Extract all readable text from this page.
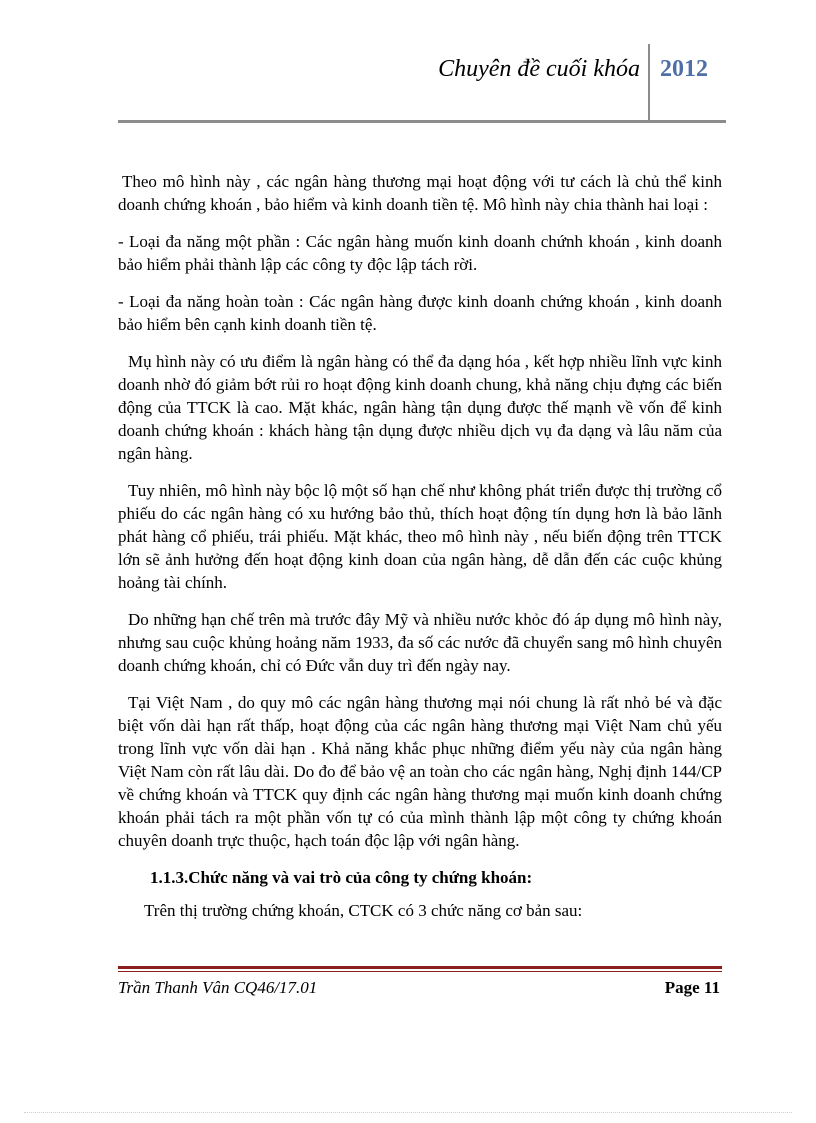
Chuyên đề cuối khóa 2012

Theo mô hình này , các ngân hàng thương mại hoạt động với tư cách là chủ thể kinh doanh chứng khoán , bảo hiểm và kinh doanh tiền tệ. Mô hình này chia thành hai loại :

- Loại đa năng một phần : Các ngân hàng muốn kinh doanh chứnh khoán , kinh doanh bảo hiểm phải thành lập các công ty độc lập tách rời.

- Loại đa năng hoàn toàn : Các ngân hàng được kinh doanh chứng khoán , kinh doanh bảo hiểm bên cạnh kinh doanh tiền tệ.

Mụ hình này có ưu điểm là ngân hàng có thể đa dạng hóa , kết hợp nhiều lĩnh vực kinh doanh nhờ đó giảm bớt rủi ro hoạt động kinh doanh chung, khả năng chịu đựng các biến động của TTCK là cao. Mặt khác, ngân hàng tận dụng được thế mạnh về vốn để kinh doanh chứng khoán : khách hàng tận dụng được nhiều dịch vụ đa dạng và lâu năm của ngân hàng.

Tuy nhiên, mô hình này bộc lộ một số hạn chế như không phát triển được thị trường cổ phiếu do các ngân hàng có xu hướng bảo thủ, thích hoạt động tín dụng hơn là bảo lãnh phát hàng cổ phiếu, trái phiếu. Mặt khác, theo mô hình này , nếu biến động trên TTCK lớn sẽ ảnh hưởng đến hoạt động kinh doan của ngân hàng, dễ dẫn đến các cuộc khủng hoảng tài chính.

Do những hạn chế trên mà trước đây Mỹ và nhiều nước khỏc đó áp dụng mô hình này, nhưng sau cuộc khủng hoảng năm 1933, đa số các nước đã chuyển sang mô hình chuyên doanh chứng khoán, chỉ có Đức vẫn duy trì đến ngày nay.

Tại Việt Nam , do quy mô các ngân hàng thương mại nói chung là rất nhỏ bé và đặc biệt vốn dài hạn rất thấp, hoạt động của các ngân hàng thương mại Việt Nam chủ yếu trong lĩnh vực vốn dài hạn . Khả năng khắc phục những điểm yếu này của ngân hàng Việt Nam còn rất lâu dài. Do đo để bảo vệ an toàn cho các ngân hàng, Nghị định 144/CP về chứng khoán và TTCK quy định các ngân hàng thương mại muốn kinh doanh chứng khoán phải tách ra một phần vốn tự có của mình thành lập một công ty chứng khoán chuyên doanh trực thuộc, hạch toán độc lập với ngân hàng.

1.1.3.Chức năng và vai trò của công ty chứng khoán:

Trên thị trường chứng khoán, CTCK có 3 chức năng cơ bản sau:

Trần Thanh Vân CQ46/17.01	Page 11
